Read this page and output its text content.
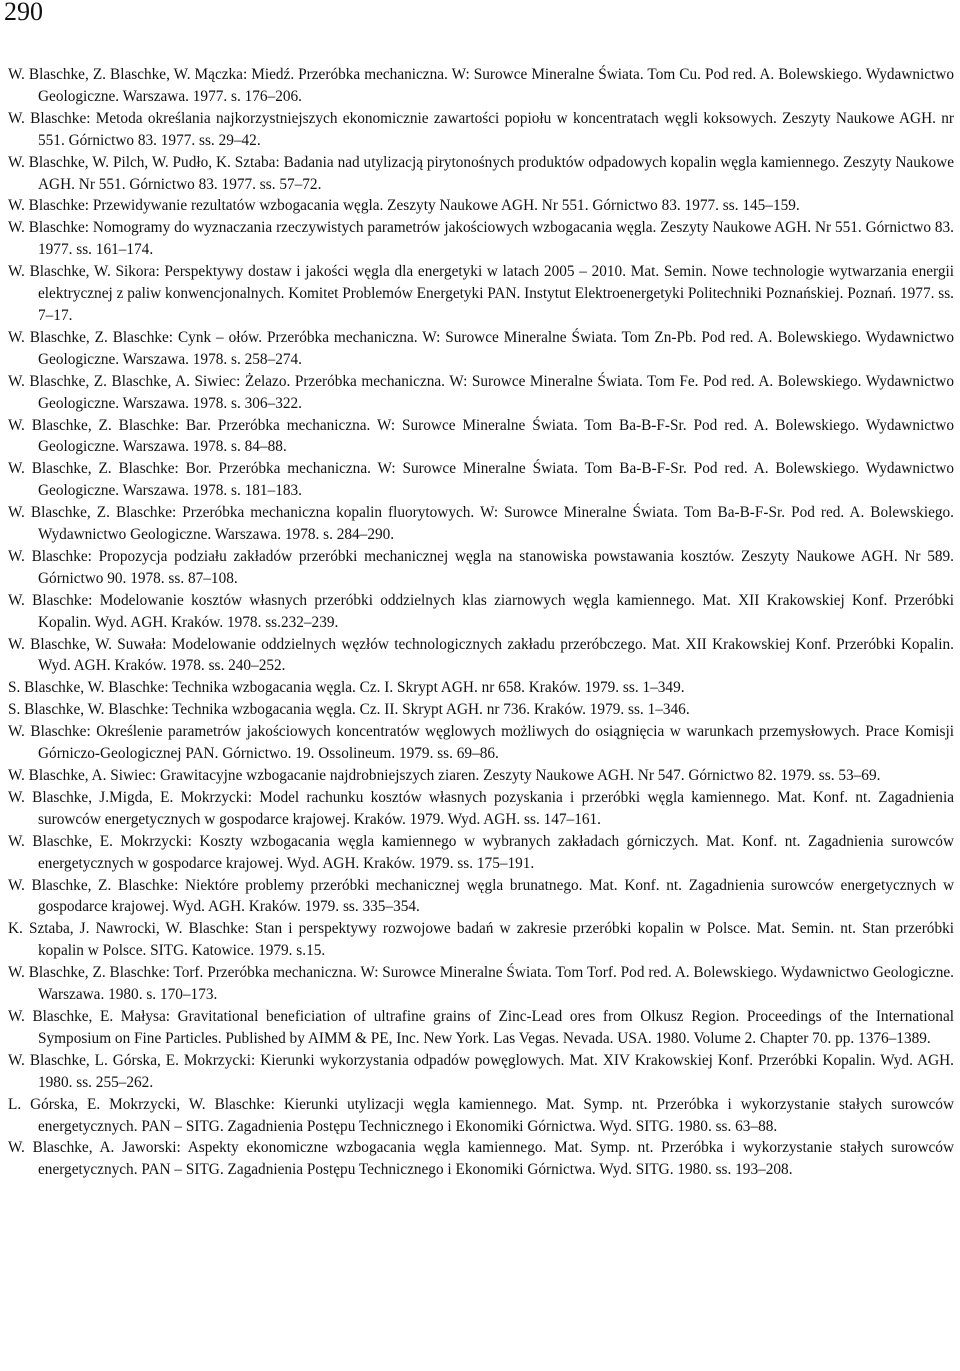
290
W. Blaschke, Z. Blaschke, W. Mączka: Miedź. Przeróbka mechaniczna. W: Surowce Mineralne Świata. Tom Cu. Pod red. A. Bolewskiego. Wydawnictwo Geologiczne. Warszawa. 1977. s. 176–206.
W. Blaschke: Metoda określania najkorzystniejszych ekonomicznie zawartości popiołu w koncentratach węgli koksowych. Zeszyty Naukowe AGH. nr 551. Górnictwo 83. 1977. ss. 29–42.
W. Blaschke, W. Pilch, W. Pudło, K. Sztaba: Badania nad utylizacją pirytonośnych produktów odpadowych kopalin węgla kamiennego. Zeszyty Naukowe AGH. Nr 551. Górnictwo 83. 1977. ss. 57–72.
W. Blaschke: Przewidywanie rezultatów wzbogacania węgla. Zeszyty Naukowe AGH. Nr 551. Górnictwo 83. 1977. ss. 145–159.
W. Blaschke: Nomogramy do wyznaczania rzeczywistych parametrów jakościowych wzbogacania węgla. Zeszyty Naukowe AGH. Nr 551. Górnictwo 83. 1977. ss. 161–174.
W. Blaschke, W. Sikora: Perspektywy dostaw i jakości węgla dla energetyki w latach 2005 – 2010. Mat. Semin. Nowe technologie wytwarzania energii elektrycznej z paliw konwencjonalnych. Komitet Problemów Energetyki PAN. Instytut Elektroenergetyki Politechniki Poznańskiej. Poznań. 1977. ss. 7–17.
W. Blaschke, Z. Blaschke: Cynk – ołów. Przeróbka mechaniczna. W: Surowce Mineralne Świata. Tom Zn-Pb. Pod red. A. Bolewskiego. Wydawnictwo Geologiczne. Warszawa. 1978. s. 258–274.
W. Blaschke, Z. Blaschke, A. Siwiec: Żelazo. Przeróbka mechaniczna. W: Surowce Mineralne Świata. Tom Fe. Pod red. A. Bolewskiego. Wydawnictwo Geologiczne. Warszawa. 1978. s. 306–322.
W. Blaschke, Z. Blaschke: Bar. Przeróbka mechaniczna. W: Surowce Mineralne Świata. Tom Ba-B-F-Sr. Pod red. A. Bolewskiego. Wydawnictwo Geologiczne. Warszawa. 1978. s. 84–88.
W. Blaschke, Z. Blaschke: Bor. Przeróbka mechaniczna. W: Surowce Mineralne Świata. Tom Ba-B-F-Sr. Pod red. A. Bolewskiego. Wydawnictwo Geologiczne. Warszawa. 1978. s. 181–183.
W. Blaschke, Z. Blaschke: Przeróbka mechaniczna kopalin fluorytowych. W: Surowce Mineralne Świata. Tom Ba-B-F-Sr. Pod red. A. Bolewskiego. Wydawnictwo Geologiczne. Warszawa. 1978. s. 284–290.
W. Blaschke: Propozycja podziału zakładów przeróbki mechanicznej węgla na stanowiska powstawania kosztów. Zeszyty Naukowe AGH. Nr 589. Górnictwo 90. 1978. ss. 87–108.
W. Blaschke: Modelowanie kosztów własnych przeróbki oddzielnych klas ziarnowych węgla kamiennego. Mat. XII Krakowskiej Konf. Przeróbki Kopalin. Wyd. AGH. Kraków. 1978. ss.232–239.
W. Blaschke, W. Suwała: Modelowanie oddzielnych węzłów technologicznych zakładu przeróbczego. Mat. XII Krakowskiej Konf. Przeróbki Kopalin. Wyd. AGH. Kraków. 1978. ss. 240–252.
S. Blaschke, W. Blaschke: Technika wzbogacania węgla. Cz. I. Skrypt AGH. nr 658. Kraków. 1979. ss. 1–349.
S. Blaschke, W. Blaschke: Technika wzbogacania węgla. Cz. II. Skrypt AGH. nr 736. Kraków. 1979. ss. 1–346.
W. Blaschke: Określenie parametrów jakościowych koncentratów węglowych możliwych do osiągnięcia w warunkach przemysłowych. Prace Komisji Górniczo-Geologicznej PAN. Górnictwo. 19. Ossolineum. 1979. ss. 69–86.
W. Blaschke, A. Siwiec: Grawitacyjne wzbogacanie najdrobniejszych ziaren. Zeszyty Naukowe AGH. Nr 547. Górnictwo 82. 1979. ss. 53–69.
W. Blaschke, J.Migda, E. Mokrzycki: Model rachunku kosztów własnych pozyskania i przeróbki węgla kamiennego. Mat. Konf. nt. Zagadnienia surowców energetycznych w gospodarce krajowej. Kraków. 1979. Wyd. AGH. ss. 147–161.
W. Blaschke, E. Mokrzycki: Koszty wzbogacania węgla kamiennego w wybranych zakładach górniczych. Mat. Konf. nt. Zagadnienia surowców energetycznych w gospodarce krajowej. Wyd. AGH. Kraków. 1979. ss. 175–191.
W. Blaschke, Z. Blaschke: Niektóre problemy przeróbki mechanicznej węgla brunatnego. Mat. Konf. nt. Zagadnienia surowców energetycznych w gospodarce krajowej. Wyd. AGH. Kraków. 1979. ss. 335–354.
K. Sztaba, J. Nawrocki, W. Blaschke: Stan i perspektywy rozwojowe badań w zakresie przeróbki kopalin w Polsce. Mat. Semin. nt. Stan przeróbki kopalin w Polsce. SITG. Katowice. 1979. s.15.
W. Blaschke, Z. Blaschke: Torf. Przeróbka mechaniczna. W: Surowce Mineralne Świata. Tom Torf. Pod red. A. Bolewskiego. Wydawnictwo Geologiczne. Warszawa. 1980. s. 170–173.
W. Blaschke, E. Małysa: Gravitational beneficiation of ultrafine grains of Zinc-Lead ores from Olkusz Region. Proceedings of the International Symposium on Fine Particles. Published by AIMM & PE, Inc. New York. Las Vegas. Nevada. USA. 1980. Volume 2. Chapter 70. pp. 1376–1389.
W. Blaschke, L. Górska, E. Mokrzycki: Kierunki wykorzystania odpadów powęglowych. Mat. XIV Krakowskiej Konf. Przeróbki Kopalin. Wyd. AGH. 1980. ss. 255–262.
L. Górska, E. Mokrzycki, W. Blaschke: Kierunki utylizacji węgla kamiennego. Mat. Symp. nt. Przeróbka i wykorzystanie stałych surowców energetycznych. PAN – SITG. Zagadnienia Postępu Technicznego i Ekonomiki Górnictwa. Wyd. SITG. 1980. ss. 63–88.
W. Blaschke, A. Jaworski: Aspekty ekonomiczne wzbogacania węgla kamiennego. Mat. Symp. nt. Przeróbka i wykorzystanie stałych surowców energetycznych. PAN – SITG. Zagadnienia Postępu Technicznego i Ekonomiki Górnictwa. Wyd. SITG. 1980. ss. 193–208.
